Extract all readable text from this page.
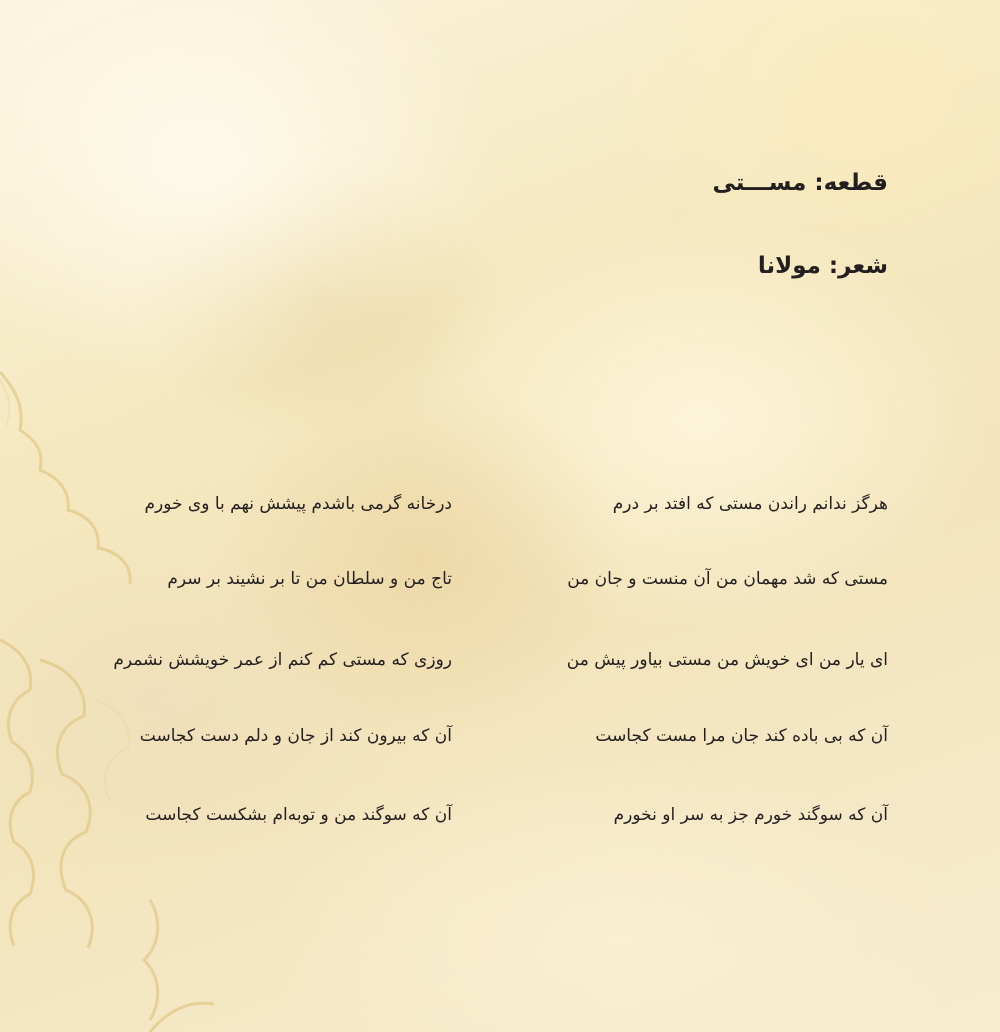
قطعه: مســـتی

شعر: مولانا

هرگز ندانم راندن مستی که افتد بر درم

درخانه گرمی باشدم پیشش نهم با وی خورم

مستی که شد مهمان من آن منست و جان من

تاج من و سلطان من تا بر نشیند بر سرم

ای یار من ای خویش من مستی بیاور پیش من

روزی که مستی کم کنم از عمر خویشش نشمرم

آن که بی باده کند جان مرا مست کجاست

آن که بیرون کند از جان و دلم دست کجاست

آن که سوگند خورم جز به سر او نخورم

آن که سوگند من و توبه‌ام بشکست کجاست
